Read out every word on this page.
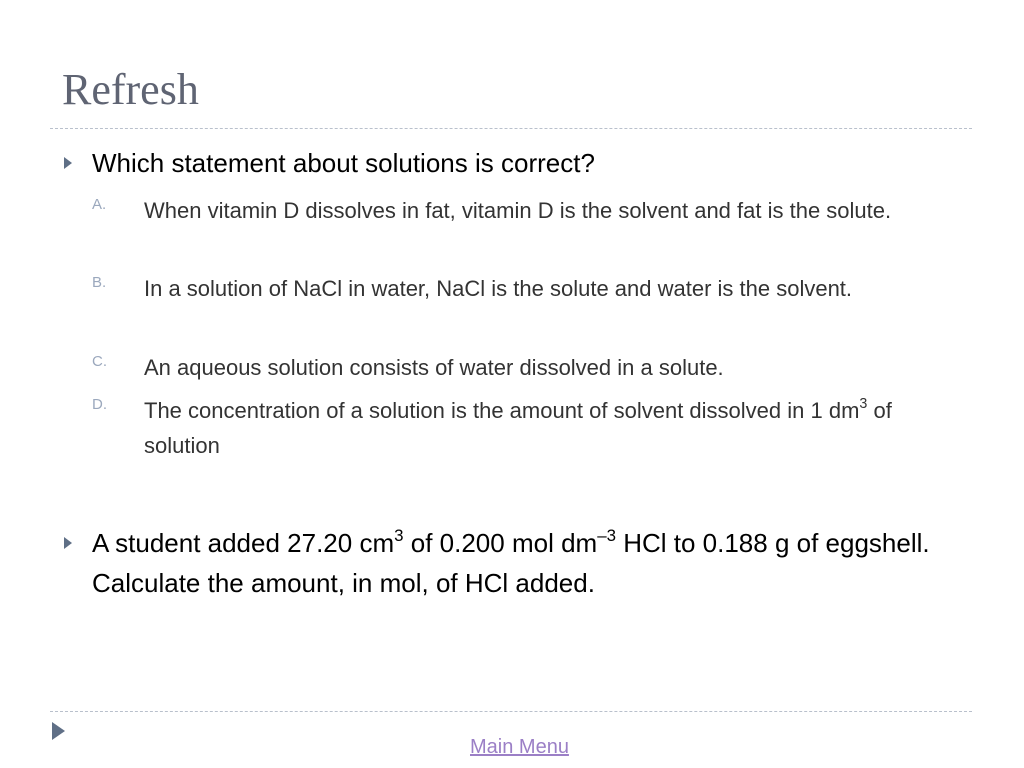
Refresh

Which statement about solutions is correct?

A.	When vitamin D dissolves in fat, vitamin D is the solvent and fat is the solute.

B.	In a solution of NaCl in water, NaCl is the solute and water is the solvent.

C.	An aqueous solution consists of water dissolved in a solute.

D.	The concentration of a solution is the amount of solvent dissolved in 1 $dm^3$ of solution

A student added 27.20 $cm^3$ of 0.200 mol $dm^{-3}$ HCl to 0.188 g of eggshell. Calculate the amount, in mol, of HCl added.

Main Menu
